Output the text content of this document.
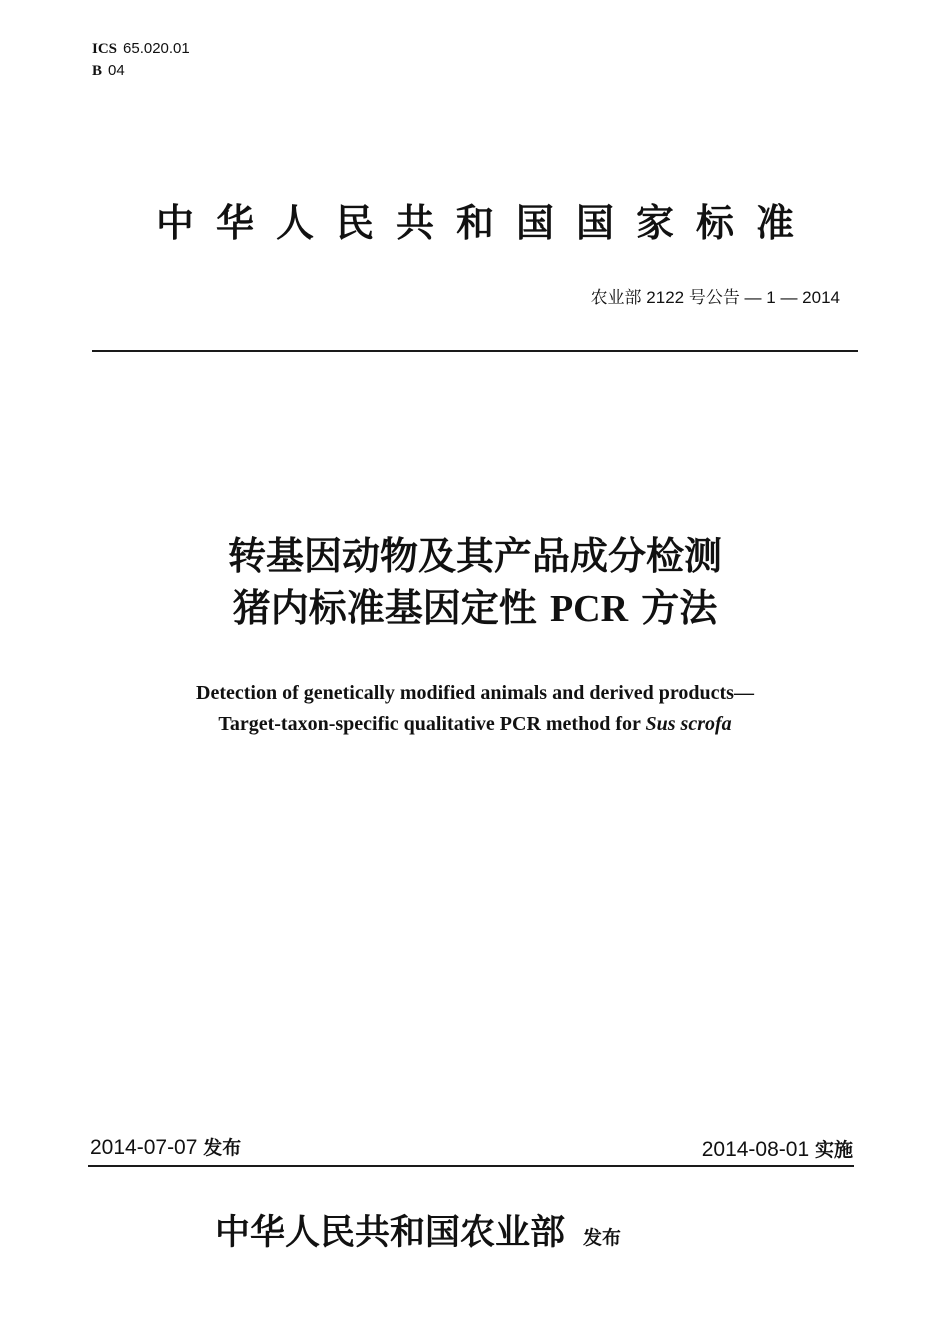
ICS 65.020.01
B 04
中华人民共和国国家标准
农业部 2122 号公告 — 1 — 2014
转基因动物及其产品成分检测
猪内标准基因定性 PCR 方法
Detection of genetically modified animals and derived products—
Target-taxon-specific qualitative PCR method for Sus scrofa
2014-07-07 发布	2014-08-01 实施
中华人民共和国农业部 发布
